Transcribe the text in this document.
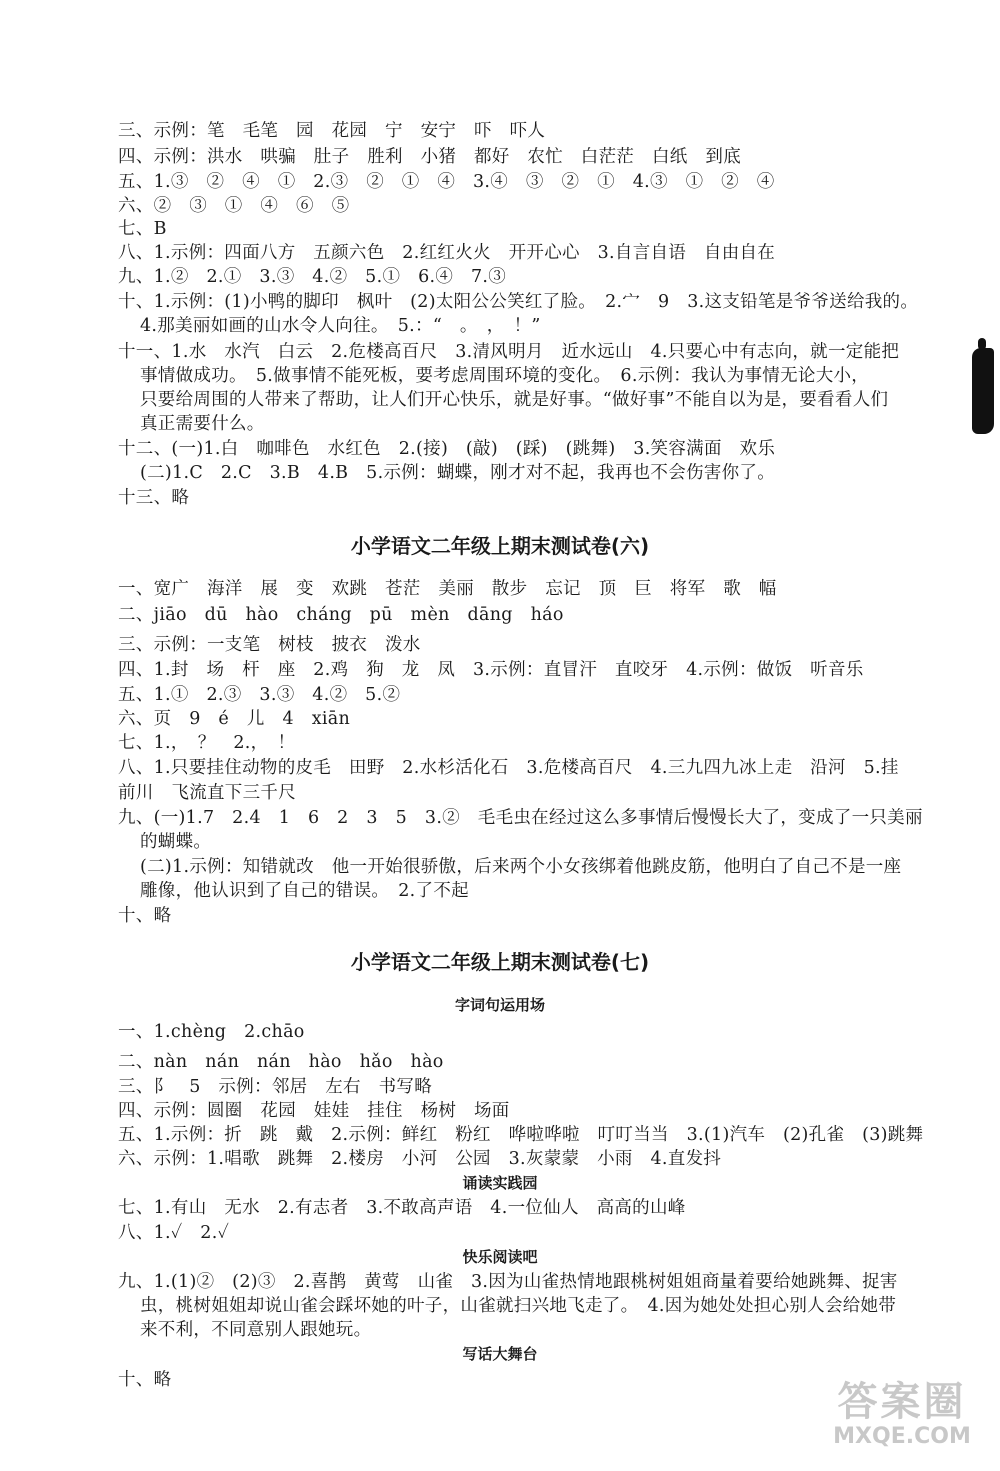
三、示例：笔　毛笔　园　花园　宁　安宁　吓　吓人
四、示例：洪水　哄骗　肚子　胜利　小猪　都好　农忙　白茫茫　白纸　到底
五、1.③　②　④　①　2.③　②　①　④　3.④　③　②　①　4.③　①　②　④
六、②　③　①　④　⑥　⑤
七、B
八、1.示例：四面八方　五颜六色　2.红红火火　开开心心　3.自言自语　自由自在
九、1.②　2.①　3.③　4.②　5.①　6.④　7.③
十、1.示例：(1)小鸭的脚印　枫叶　(2)太阳公公笑红了脸。　2.宀　9　3.这支铅笔是爷爷送给我的。
4.那美丽如画的山水令人向往。　5.：“　。　，　！”
十一、1.水　水汽　白云　2.危楼高百尺　3.清风明月　近水远山　4.只要心中有志向，就一定能把
事情做成功。　5.做事情不能死板，要考虑周围环境的变化。　6.示例：我认为事情无论大小，
只要给周围的人带来了帮助，让人们开心快乐，就是好事。“做好事”不能自以为是，要看看人们
真正需要什么。
十二、(一)1.白　咖啡色　水红色　2.(接)　(敲)　(踩)　(跳舞)　3.笑容满面　欢乐
(二)1.C　2.C　3.B　4.B　5.示例：蝴蝶，刚才对不起，我再也不会伤害你了。
十三、略
小学语文二年级上期末测试卷(六)
一、宽广　海洋　展　变　欢跳　苍茫　美丽　散步　忘记　顶　巨　将军　歌　幅
二、jiāo　dū　hào　cháng　pū　mèn　dāng　háo
三、示例：一支笔　树枝　披衣　泼水
四、1.封　场　杆　座　2.鸡　狗　龙　凤　3.示例：直冒汗　直咬牙　4.示例：做饭　听音乐
五、1.①　2.③　3.③　4.②　5.②
六、页　9　é　儿　4　xiān
七、1.，　？　2.，　！
八、1.只要挂住动物的皮毛　田野　2.水杉活化石　3.危楼高百尺　4.三九四九冰上走　沿河　5.挂
前川　飞流直下三千尺
九、(一)1.7　2.4　1　6　2　3　5　3.②　毛毛虫在经过这么多事情后慢慢长大了，变成了一只美丽
的蝴蝶。
(二)1.示例：知错就改　他一开始很骄傲，后来两个小女孩绑着他跳皮筋，他明白了自己不是一座
雕像，他认识到了自己的错误。　2.了不起
十、略
小学语文二年级上期末测试卷(七)
字词句运用场
一、1.chèng　2.chāo
二、nàn　nán　nán　hào　hǎo　hào
三、阝　5　示例：邻居　左右　书写略
四、示例：圆圈　花园　娃娃　挂住　杨树　场面
五、1.示例：折　跳　戴　2.示例：鲜红　粉红　哗啦哗啦　叮叮当当　3.(1)汽车　(2)孔雀　(3)跳舞
六、示例：1.唱歌　跳舞　2.楼房　小河　公园　3.灰蒙蒙　小雨　4.直发抖
诵读实践园
七、1.有山　无水　2.有志者　3.不敢高声语　4.一位仙人　高高的山峰
八、1.✓　2.✓
快乐阅读吧
九、1.(1)②　(2)③　2.喜鹊　黄莺　山雀　3.因为山雀热情地跟桃树姐姐商量着要给她跳舞、捉害
虫，桃树姐姐却说山雀会踩坏她的叶子，山雀就扫兴地飞走了。　4.因为她处处担心别人会给她带
来不利，不同意别人跟她玩。
写话大舞台
十、略	答案圈
MXQE.COM
